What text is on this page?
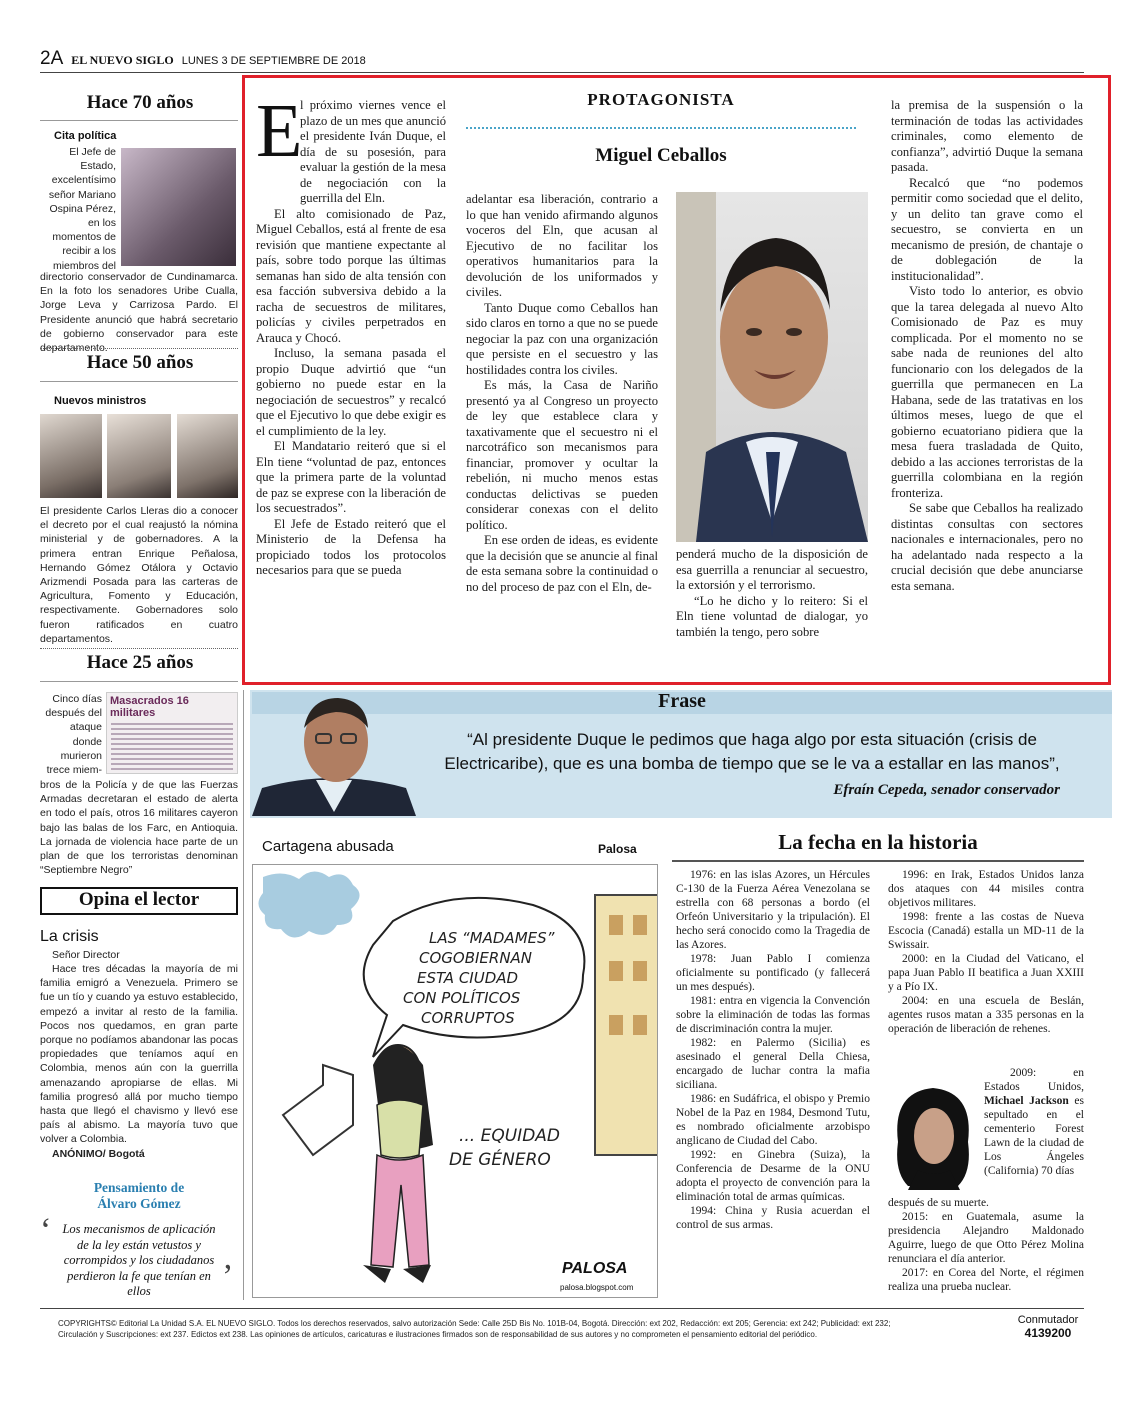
2A EL NUEVO SIGLO LUNES 3 DE SEPTIEMBRE DE 2018
Hace 70 años
Cita política
El Jefe de Estado, excelentísimo señor Mariano Ospina Pérez, en los momentos de recibir a los miembros del
directorio conservador de Cundinamarca. En la foto los senadores Uribe Cualla, Jorge Leva y Carrizosa Pardo. El Presidente anunció que habrá secretario de gobierno conservador para este departamento.
Hace 50 años
Nuevos ministros
El presidente Carlos Lleras dio a conocer el decreto por el cual reajustó la nómina ministerial y de gobernadores. A la primera entran Enrique Peñalosa, Hernando Gómez Otálora y Octavio Arizmendi Posada para las carteras de Agricultura, Fomento y Educación, respectivamente. Gobernadores solo fueron ratificados en cuatro departamentos.
Hace 25 años
Cinco días después del ataque donde murieron trece miem-
Masacrados 16 militares
bros de la Policía y de que las Fuerzas Armadas decretaran el estado de alerta en todo el país, otros 16 militares cayeron bajo las balas de los Farc, en Antioquia. La jornada de violencia hace parte de un plan de que los terroristas denominan “Septiembre Negro”
Opina el lector
La crisis
Señor Director
Hace tres décadas la mayoría de mi familia emigró a Venezuela. Primero se fue un tío y cuando ya estuvo establecido, empezó a invitar al resto de la familia. Pocos nos quedamos, en gran parte porque no podíamos abandonar las pocas propiedades que teníamos aquí en Colombia, menos aún con la guerrilla amenazando apropiarse de ellas. Mi familia progresó allá por mucho tiempo hasta que llegó el chavismo y llevó ese país al abismo. La mayoría tuvo que volver a Colombia.
ANÓNIMO/ Bogotá
Pensamiento de
Álvaro Gómez
‘ Los mecanismos de aplicación de la ley están vetustos y corrompidos y los ciudadanos perdieron la fe que tenían en ellos	’
E

l próximo viernes vence el plazo de un mes que anunció el presidente Iván Duque, el día de su posesión, para evaluar la gestión de la mesa de negociación con la guerrilla del Eln.

El alto comisionado de Paz, Miguel Ceballos, está al frente de esa revisión que mantiene expectante al país, sobre todo porque las últimas semanas han sido de alta tensión con esa facción subversiva debido a la racha de secuestros de militares, policías y civiles perpetrados en Arauca y Chocó.

Incluso, la semana pasada el propio Duque advirtió que “un gobierno no puede estar en la negociación de secuestros” y recalcó que el Ejecutivo lo que debe exigir es el cumplimiento de la ley.

El Mandatario reiteró que si el Eln tiene “voluntad de paz, entonces que la primera parte de la voluntad de paz se exprese con la liberación de los secuestrados”.

El Jefe de Estado reiteró que el Ministerio de la Defensa ha propiciado todos los protocolos necesarios para que se pueda

PROTAGONISTA
Miguel Ceballos

adelantar esa liberación, contrario a lo que han venido afirmando algunos voceros del Eln, que acusan al Ejecutivo de no facilitar los operativos humanitarios para la devolución de los uniformados y civiles.

Tanto Duque como Ceballos han sido claros en torno a que no se puede negociar la paz con una organización que persiste en el secuestro y las hostilidades contra los civiles.

Es más, la Casa de Nariño presentó ya al Congreso un proyecto de ley que establece clara y taxativamente que el secuestro ni el narcotráfico son mecanismos para financiar, promover y ocultar la rebelión, ni mucho menos estas conductas delictivas se pueden considerar conexas con el delito político.

En ese orden de ideas, es evidente que la decisión que se anuncie al final de esta semana sobre la continuidad o no del proceso de paz con el Eln, de-

penderá mucho de la disposición de esa guerrilla a renunciar al secuestro, la extorsión y el terrorismo.

“Lo he dicho y lo reitero: Si el Eln tiene voluntad de dialogar, yo también la tengo, pero sobre

la premisa de la suspensión o la terminación de todas las actividades criminales, como elemento de confianza”, advirtió Duque la semana pasada.

Recalcó que “no podemos permitir como sociedad que el delito, y un delito tan grave como el secuestro, se convierta en un mecanismo de presión, de chantaje o de doblegación de la institucionalidad”.

Visto todo lo anterior, es obvio que la tarea delegada al nuevo Alto Comisionado de Paz es muy complicada. Por el momento no se sabe nada de reuniones del alto funcionario con los delegados de la guerrilla que permanecen en La Habana, sede de las tratativas en los últimos meses, luego de que el gobierno ecuatoriano pidiera que la mesa fuera trasladada de Quito, debido a las acciones terroristas de la guerrilla colombiana en la región fronteriza.

Se sabe que Ceballos ha realizado distintas consultas con sectores nacionales e internacionales, pero no ha adelantado nada respecto a la crucial decisión que debe anunciarse esta semana.

Frase
“Al presidente Duque le pedimos que haga algo por esta situación (crisis de Electricaribe), que es una bomba de tiempo que se le va a estallar en las manos”,
Efraín Cepeda, senador conservador
Cartagena abusada	Palosa
LAS “MADAMES” COGOBIERNAN ESTA CIUDAD CON POLÍTICOS CORRUPTOS
... EQUIDAD DE GÉNERO
PALOSA
palosa.blogspot.com
La fecha en la historia

1976: en las islas Azores, un Hércules C-130 de la Fuerza Aérea Venezolana se estrella con 68 personas a bordo (el Orfeón Universitario y la tripulación). El hecho será conocido como la Tragedia de las Azores.

1978: Juan Pablo I comienza oficialmente su pontificado (y fallecerá un mes después).

1981: entra en vigencia la Convención sobre la eliminación de todas las formas de discriminación contra la mujer.

1982: en Palermo (Sicilia) es asesinado el general Della Chiesa, encargado de luchar contra la mafia siciliana.

1986: en Sudáfrica, el obispo y Premio Nobel de la Paz en 1984, Desmond Tutu, es nombrado oficialmente arzobispo anglicano de Ciudad del Cabo.

1992: en Ginebra (Suiza), la Conferencia de Desarme de la ONU adopta el proyecto de convención para la eliminación total de armas químicas.

1994: China y Rusia acuerdan el control de sus armas.

1996: en Irak, Estados Unidos lanza dos ataques con 44 misiles contra objetivos militares.

1998: frente a las costas de Nueva Escocia (Canadá) estalla un MD-11 de la Swissair.

2000: en la Ciudad del Vaticano, el papa Juan Pablo II beatifica a Juan XXIII y a Pío IX.

2004: en una escuela de Beslán, agentes rusos matan a 335 personas en la operación de liberación de rehenes.

2009: en Estados Unidos, Michael Jackson es sepultado en el cementerio Forest Lawn de la ciudad de Los Ángeles (California) 70 días

después de su muerte.

2015: en Guatemala, asume la presidencia Alejandro Maldonado Aguirre, luego de que Otto Pérez Molina renunciara el día anterior.

2017: en Corea del Norte, el régimen realiza una prueba nuclear.

COPYRIGHTS© Editorial La Unidad S.A. EL NUEVO SIGLO. Todos los derechos reservados, salvo autorización Sede: Calle 25D Bis No. 101B-04, Bogotá. Dirección: ext 202, Redacción: ext 205; Gerencia: ext 242; Publicidad: ext 232;
Circulación y Suscripciones: ext 237. Edictos ext 238. Las opiniones de artículos, caricaturas e ilustraciones firmados son de responsabilidad de sus autores y no comprometen el pensamiento editorial del periódico.
Conmutador
4139200
